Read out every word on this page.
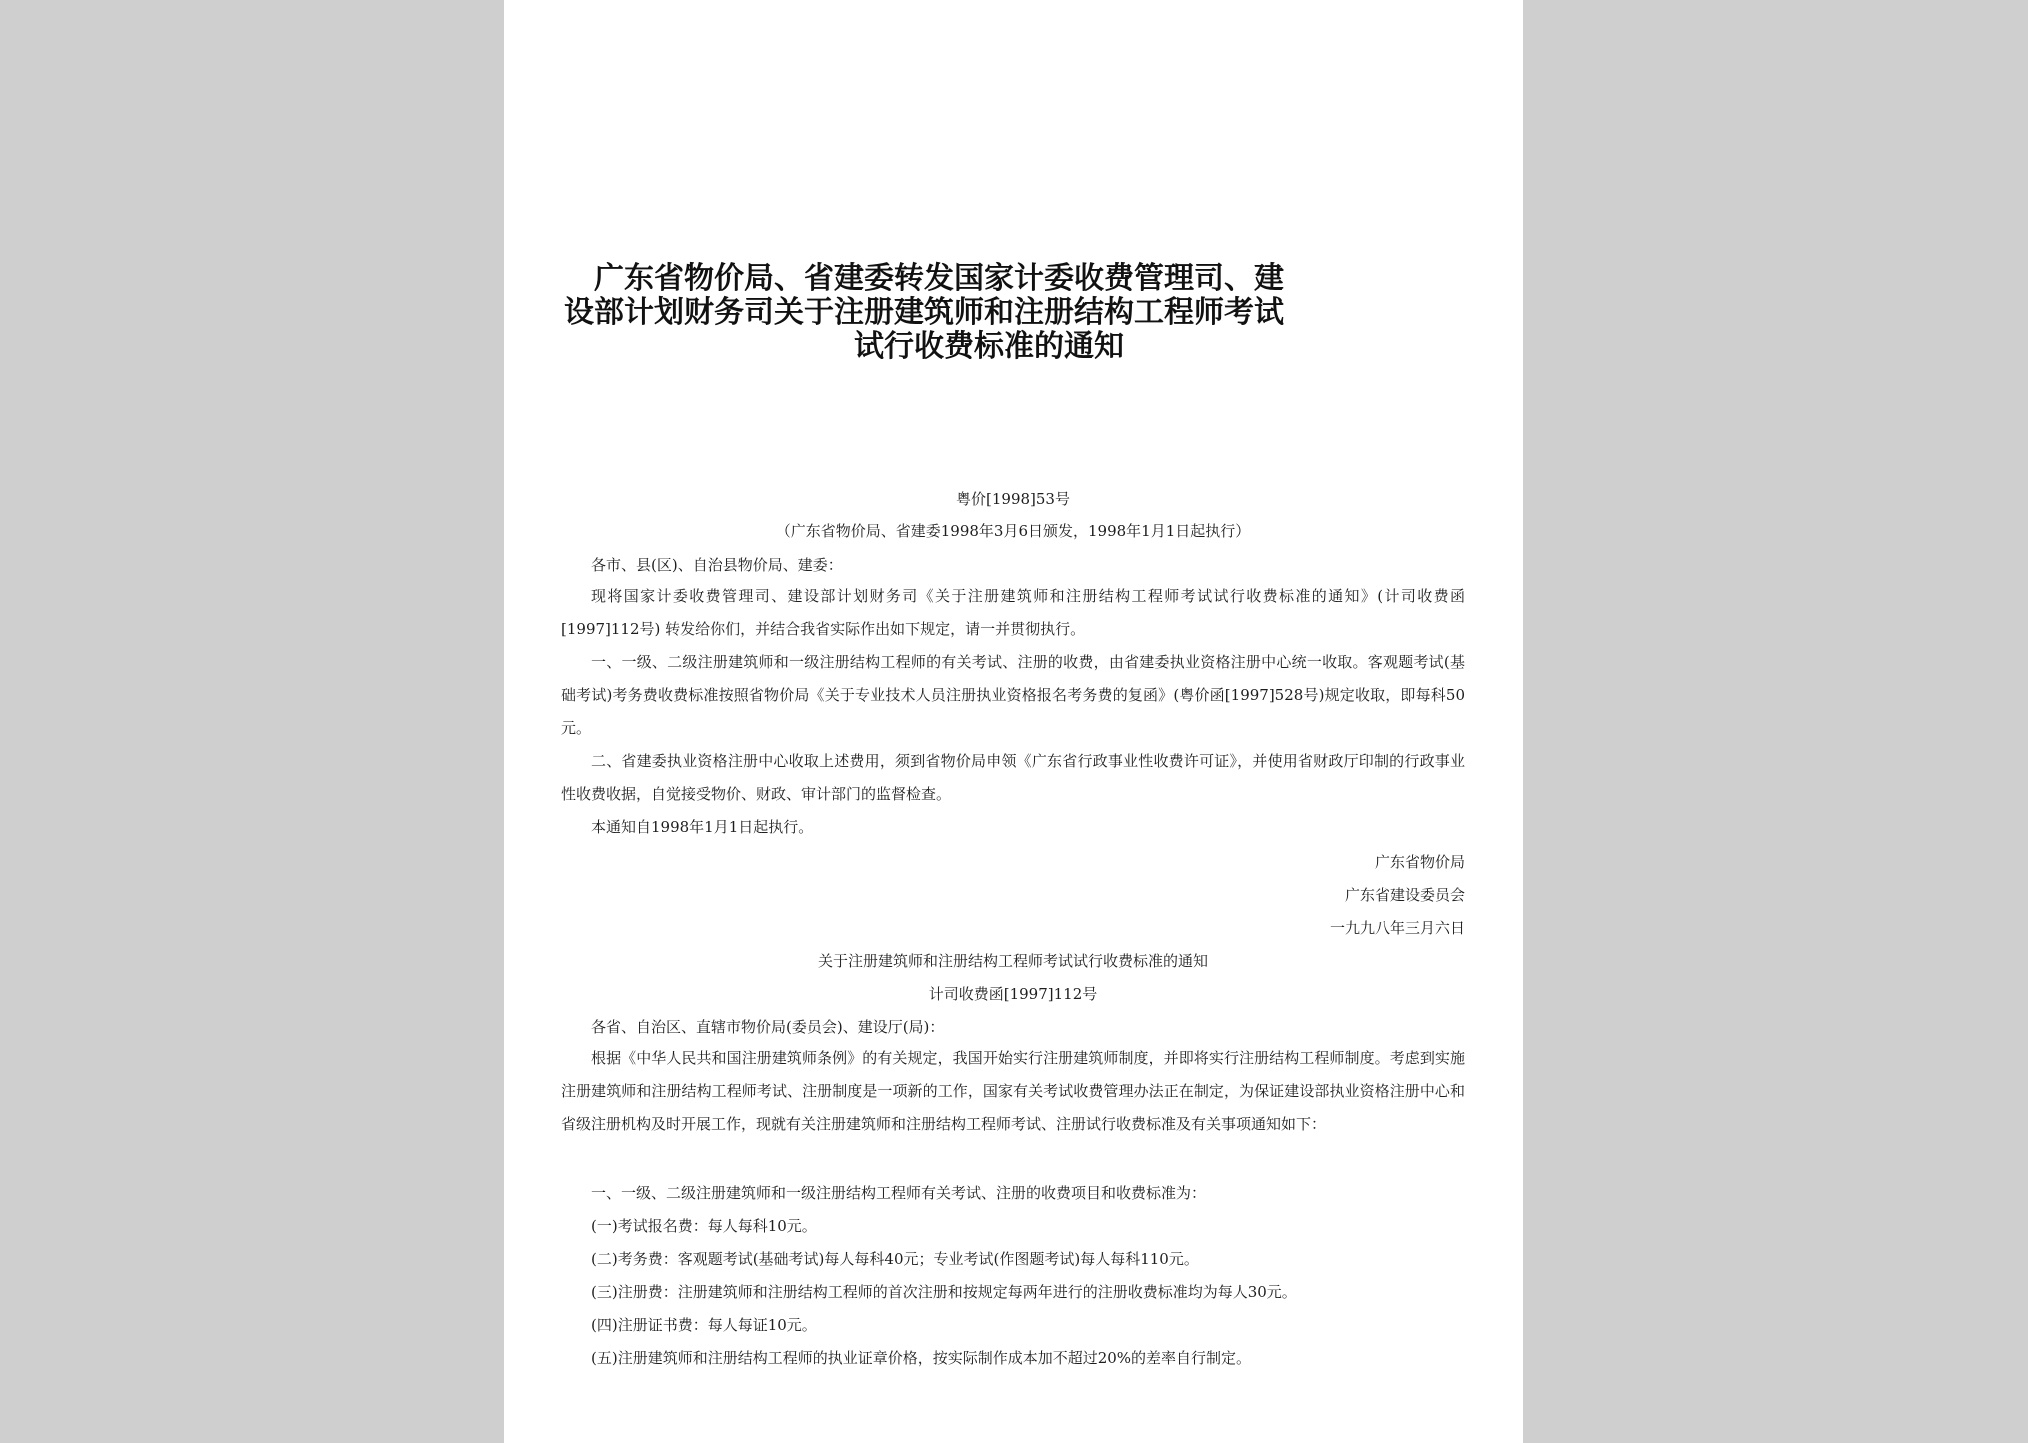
广东省物价局、省建委转发国家计委收费管理司、建
设部计划财务司关于注册建筑师和注册结构工程师考试
试行收费标准的通知
粤价[1998]53号
（广东省物价局、省建委1998年3月6日颁发，1998年1月1日起执行）
各市、县(区)、自治县物价局、建委：
现将国家计委收费管理司、建设部计划财务司《关于注册建筑师和注册结构工程师考试试行收费标准的通知》(计司收费函[1997]112号) 转发给你们，并结合我省实际作出如下规定，请一并贯彻执行。
一、一级、二级注册建筑师和一级注册结构工程师的有关考试、注册的收费，由省建委执业资格注册中心统一收取。客观题考试(基础考试)考务费收费标准按照省物价局《关于专业技术人员注册执业资格报名考务费的复函》(粤价函[1997]528号)规定收取，即每科50元。
二、省建委执业资格注册中心收取上述费用，须到省物价局申领《广东省行政事业性收费许可证》，并使用省财政厅印制的行政事业性收费收据，自觉接受物价、财政、审计部门的监督检查。
本通知自1998年1月1日起执行。
广东省物价局
广东省建设委员会
一九九八年三月六日
关于注册建筑师和注册结构工程师考试试行收费标准的通知
计司收费函[1997]112号
各省、自治区、直辖市物价局(委员会)、建设厅(局)：
根据《中华人民共和国注册建筑师条例》的有关规定，我国开始实行注册建筑师制度，并即将实行注册结构工程师制度。考虑到实施注册建筑师和注册结构工程师考试、注册制度是一项新的工作，国家有关考试收费管理办法正在制定，为保证建设部执业资格注册中心和省级注册机构及时开展工作，现就有关注册建筑师和注册结构工程师考试、注册试行收费标准及有关事项通知如下：
一、一级、二级注册建筑师和一级注册结构工程师有关考试、注册的收费项目和收费标准为：
(一)考试报名费：每人每科10元。
(二)考务费：客观题考试(基础考试)每人每科40元；专业考试(作图题考试)每人每科110元。
(三)注册费：注册建筑师和注册结构工程师的首次注册和按规定每两年进行的注册收费标准均为每人30元。
(四)注册证书费：每人每证10元。
(五)注册建筑师和注册结构工程师的执业证章价格，按实际制作成本加不超过20%的差率自行制定。
